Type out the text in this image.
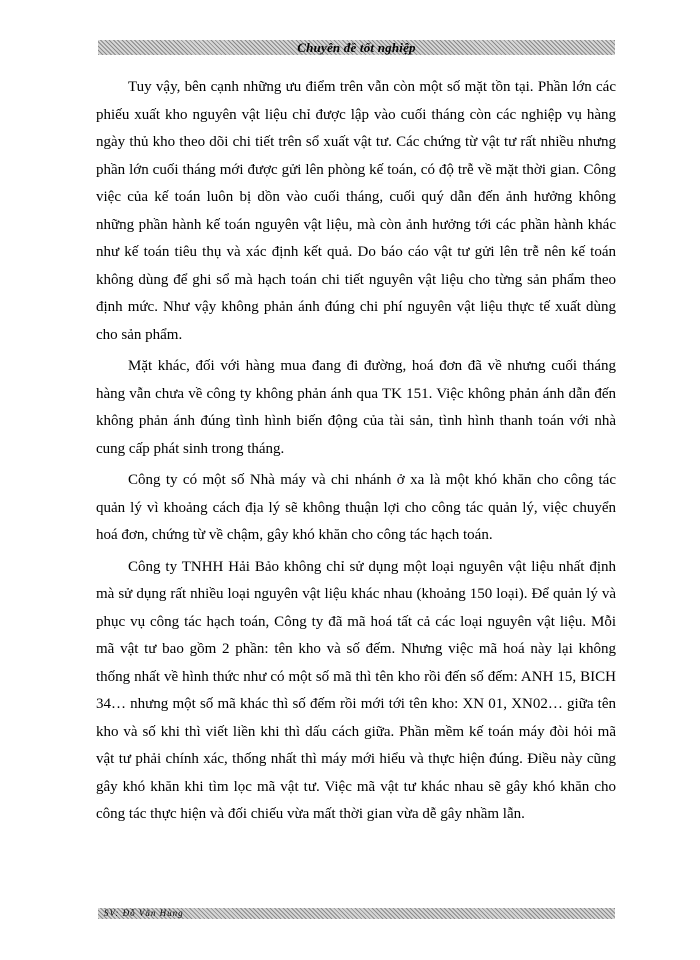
Chuyên đề tốt nghiệp

Tuy vậy, bên cạnh những ưu điểm trên vẫn còn một số mặt tồn tại. Phần lớn các phiếu xuất kho nguyên vật liệu chỉ được lập vào cuối tháng còn các nghiệp vụ hàng ngày thủ kho theo dõi chi tiết trên sổ xuất vật tư. Các chứng từ vật tư rất nhiều nhưng phần lớn cuối tháng mới được gửi lên phòng kế toán, có độ trễ về mặt thời gian. Công việc của kế toán luôn bị dồn vào cuối tháng, cuối quý dẫn đến ảnh hưởng không những phần hành kế toán nguyên vật liệu, mà còn ảnh hưởng tới các phần hành khác như kế toán tiêu thụ và xác định kết quả. Do báo cáo vật tư gửi lên trễ nên kế toán không dùng để ghi sổ mà hạch toán chi tiết nguyên vật liệu cho từng sản phẩm theo định mức. Như vậy không phản ánh đúng chi phí nguyên vật liệu thực tế xuất dùng cho sản phẩm.

Mặt khác, đối với hàng mua đang đi đường, hoá đơn đã về nhưng cuối tháng hàng vẫn chưa về công ty không phản ánh qua TK 151. Việc không phản ánh dẫn đến không phản ánh đúng tình hình biến động của tài sản, tình hình thanh toán với nhà cung cấp phát sinh trong tháng.

Công ty có một số Nhà máy và chi nhánh ở xa là một khó khăn cho công tác quản lý vì khoảng cách địa lý sẽ không thuận lợi cho công tác quản lý, việc chuyển hoá đơn, chứng từ về chậm, gây khó khăn cho công tác hạch toán.

Công ty TNHH Hải Bảo không chỉ sử dụng một loại nguyên vật liệu nhất định mà sử dụng rất nhiều loại nguyên vật liệu khác nhau (khoảng 150 loại). Để quản lý và phục vụ công tác hạch toán, Công ty đã mã hoá tất cả các loại nguyên vật liệu. Mỗi mã vật tư bao gồm 2 phần: tên kho và số đếm. Nhưng việc mã hoá này lại không thống nhất về hình thức như có một số mã thì tên kho rồi đến số đếm: ANH 15, BICH 34… nhưng một số mã khác thì số đếm rồi mới tới tên kho: XN 01, XN02… giữa tên kho và số khi thì viết liền khi thì dấu cách giữa. Phần mềm kế toán máy đòi hỏi mã vật tư phải chính xác, thống nhất thì máy mới hiểu và thực hiện đúng. Điều này cũng gây khó khăn khi tìm lọc mã vật tư. Việc mã vật tư khác nhau sẽ gây khó khăn cho công tác thực hiện và đối chiếu vừa mất thời gian vừa dễ gây nhầm lẫn.

SV: Đỗ Văn Hùng
